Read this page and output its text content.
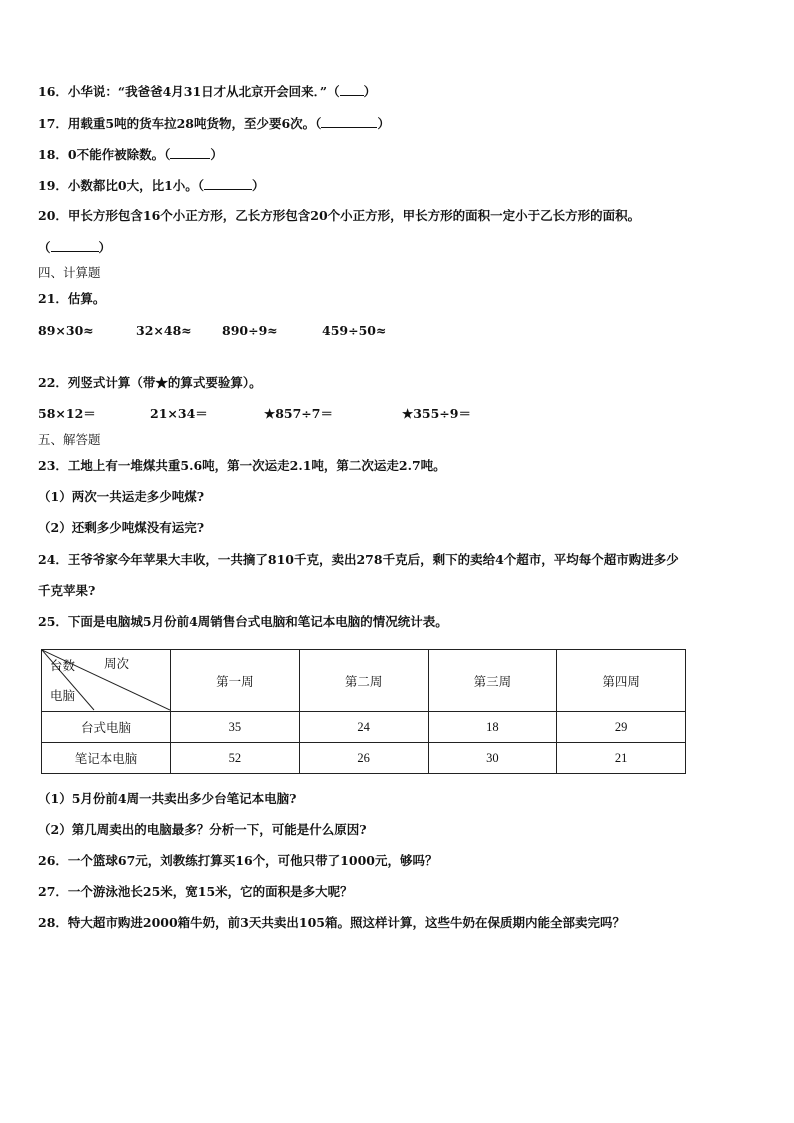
16．小华说：“我爸爸4月31日才从北京开会回来．”（ ）
17．用载重5吨的货车拉28吨货物，至少要6次。（	）
18．0不能作被除数。（	）
19．小数都比0大，比1小。（	）
20．甲长方形包含16个小正方形，乙长方形包含20个小正方形，甲长方形的面积一定小于乙长方形的面积。
（	）
四、计算题
21．估算。
89×30≈	32×48≈ 890÷9≈	459÷50≈
22．列竖式计算（带★的算式要验算）。
58×12＝	21×34＝	★857÷7＝	★355÷9＝
五、解答题
23．工地上有一堆煤共重5.6吨，第一次运走2.1吨，第二次运走2.7吨。
（1）两次一共运走多少吨煤?
（2）还剩多少吨煤没有运完?
24．王爷爷家今年苹果大丰收，一共摘了810千克，卖出278千克后，剩下的卖给4个超市，平均每个超市购进多少
千克苹果?
25．下面是电脑城5月份前4周销售台式电脑和笔记本电脑的情况统计表。
台数 周次
电脑	第一周	第二周	第三周	第四周
台式电脑	35	24	18	29
笔记本电脑	52	26	30	21
（1）5月份前4周一共卖出多少台笔记本电脑?
（2）第几周卖出的电脑最多？分析一下，可能是什么原因?
26．一个篮球67元，刘教练打算买16个，可他只带了1000元，够吗？
27．一个游泳池长25米，宽15米，它的面积是多大呢？
28．特大超市购进2000箱牛奶，前3天共卖出105箱。照这样计算，这些牛奶在保质期内能全部卖完吗？
